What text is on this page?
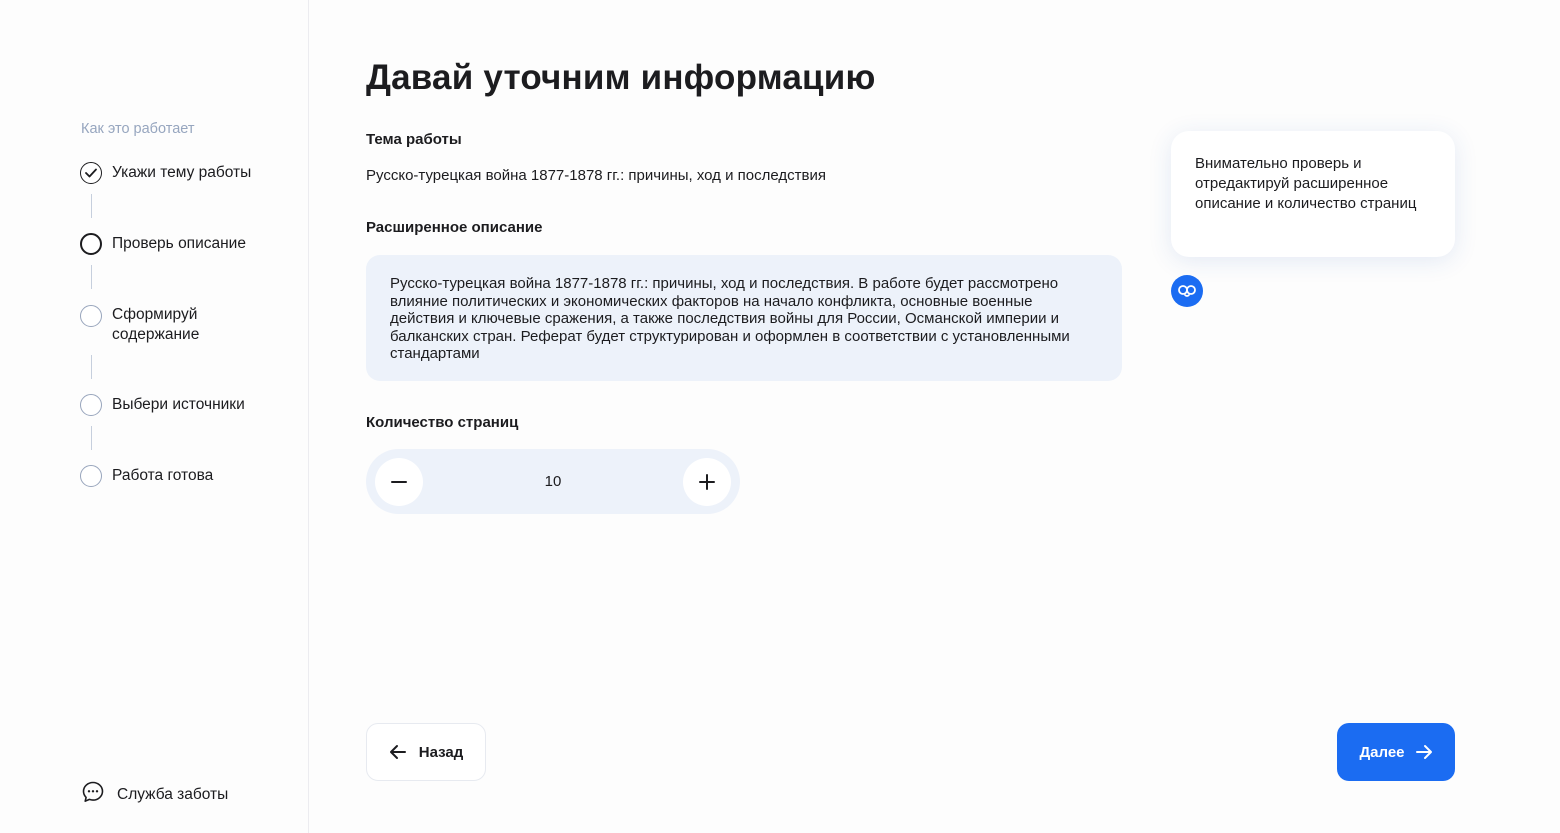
Как это работает
Укажи тему работы
Проверь описание
Сформируй содержание
Выбери источники
Работа готова
Служба заботы
Давай уточним информацию
Тема работы
Русско-турецкая война 1877-1878 гг.: причины, ход и последствия
Расширенное описание
Русско-турецкая война 1877-1878 гг.: причины, ход и последствия. В работе будет рассмотрено влияние политических и экономических факторов на начало конфликта, основные военные действия и ключевые сражения, а также последствия войны для России, Османской империи и балканских стран. Реферат будет структурирован и оформлен в соответствии с установленными стандартами
Количество страниц
10
Внимательно проверь и отредактируй расширенное описание и количество страниц
Назад	Далее
